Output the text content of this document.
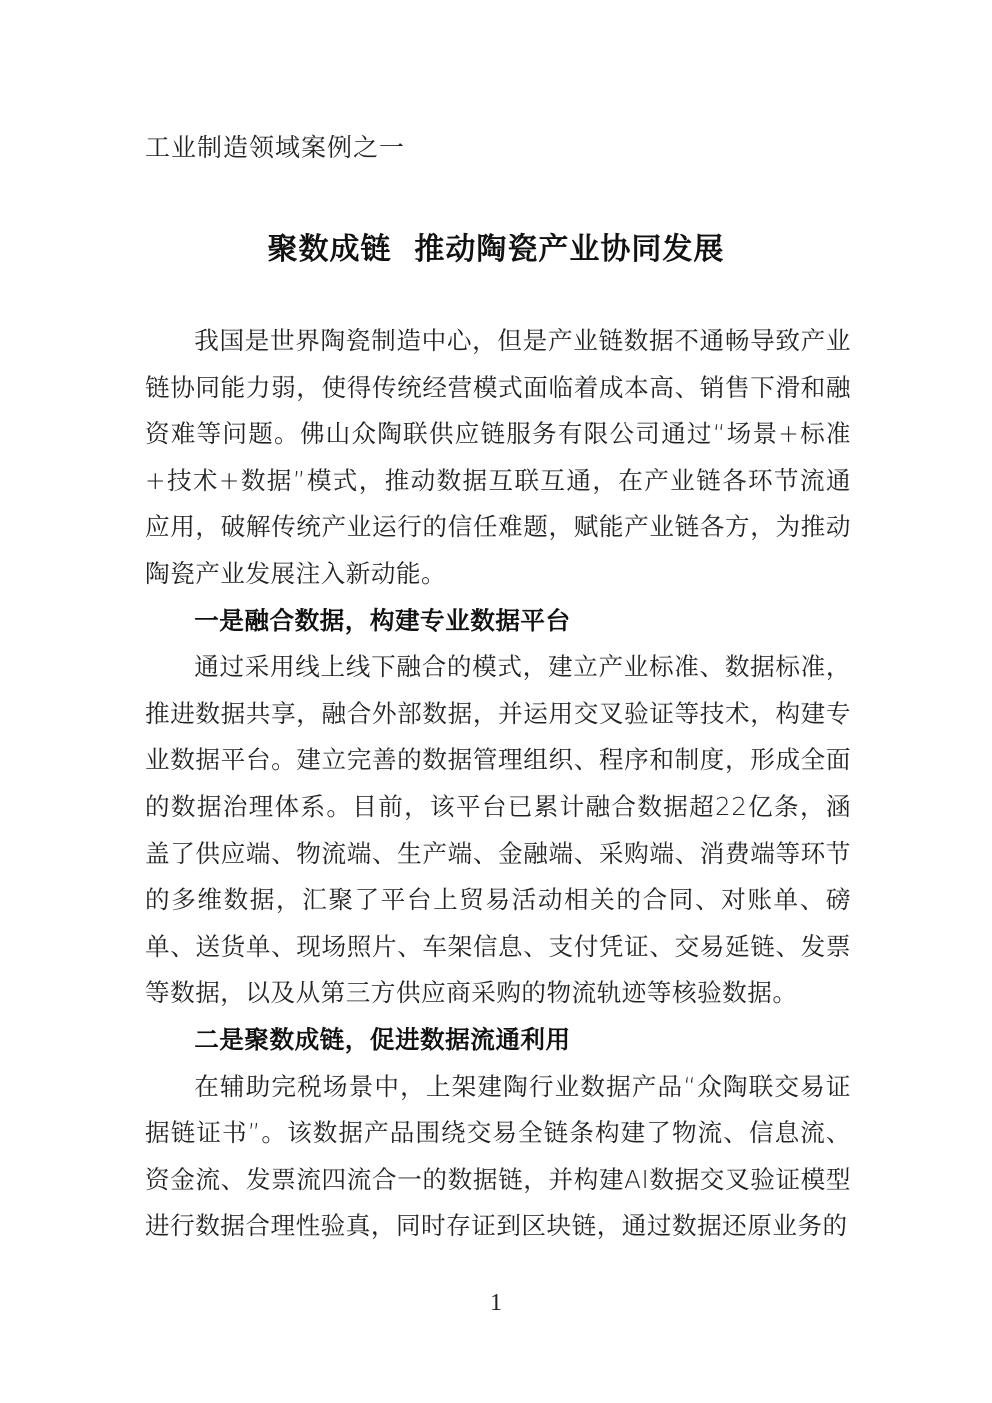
工业制造领域案例之一
聚数成链  推动陶瓷产业协同发展

我国是世界陶瓷制造中心，但是产业链数据不通畅导致产业链协同能力弱，使得传统经营模式面临着成本高、销售下滑和融资难等问题。佛山众陶联供应链服务有限公司通过“场景+标准+技术+数据”模式，推动数据互联互通，在产业链各环节流通应用，破解传统产业运行的信任难题，赋能产业链各方，为推动陶瓷产业发展注入新动能。

一是融合数据，构建专业数据平台

通过采用线上线下融合的模式，建立产业标准、数据标准，推进数据共享，融合外部数据，并运用交叉验证等技术，构建专业数据平台。建立完善的数据管理组织、程序和制度，形成全面的数据治理体系。目前，该平台已累计融合数据超22亿条，涵盖了供应端、物流端、生产端、金融端、采购端、消费端等环节的多维数据，汇聚了平台上贸易活动相关的合同、对账单、磅单、送货单、现场照片、车架信息、支付凭证、交易延链、发票等数据，以及从第三方供应商采购的物流轨迹等核验数据。

二是聚数成链，促进数据流通利用

在辅助完税场景中，上架建陶行业数据产品“众陶联交易证据链证书”。该数据产品围绕交易全链条构建了物流、信息流、资金流、发票流四流合一的数据链，并构建AI数据交叉验证模型进行数据合理性验真，同时存证到区块链，通过数据还原业务的

1
